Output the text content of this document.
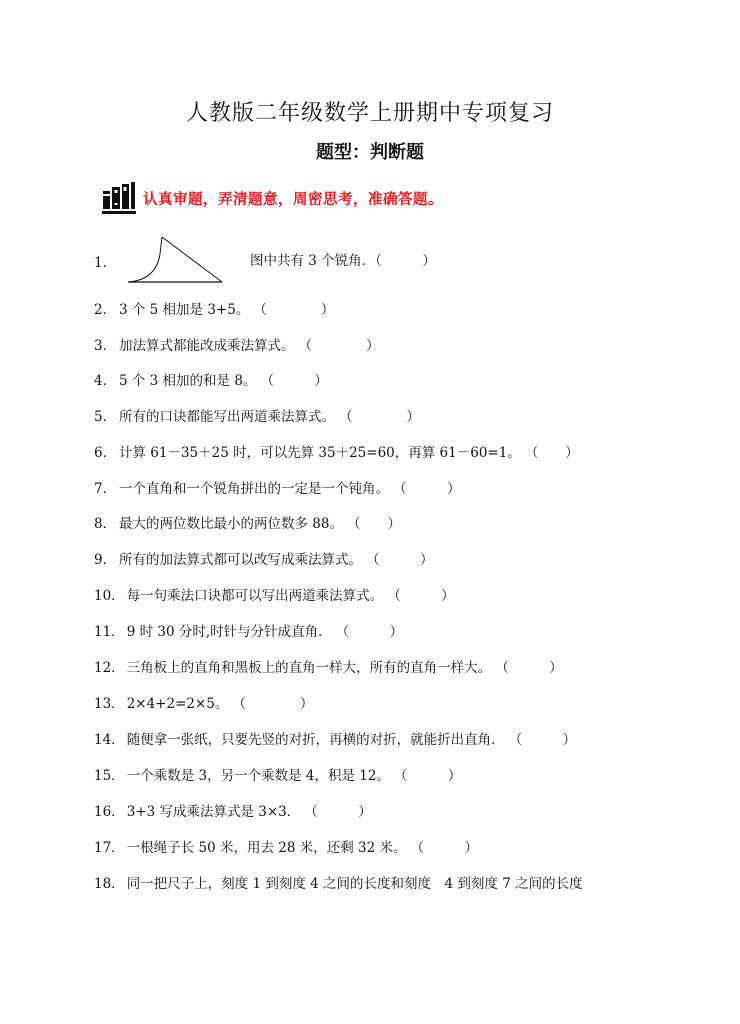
人教版二年级数学上册期中专项复习
题型：判断题
认真审题，弄清题意，周密思考，准确答题。
1．	图中共有 3 个锐角．（　　　）
2． 3 个 5 相加是 3+5。 （　　　　）
3． 加法算式都能改成乘法算式。 （　　　　）
4． 5 个 3 相加的和是 8。 （　　　）
5． 所有的口诀都能写出两道乘法算式。 （　　　　）
6． 计算 61－35＋25 时，可以先算 35＋25=60，再算 61－60=1。 （　　）
7． 一个直角和一个锐角拼出的一定是一个钝角。 （　　　）
8． 最大的两位数比最小的两位数多 88。 （　　）
9． 所有的加法算式都可以改写成乘法算式。 （　　　）
10． 每一句乘法口诀都可以写出两道乘法算式。 （　　　）
11． 9 时 30 分时,时针与分针成直角． （　　　）
12． 三角板上的直角和黑板上的直角一样大，所有的直角一样大。 （　　　）
13． 2×4+2=2×5。 （　　　　）
14． 随便拿一张纸，只要先竖的对折，再横的对折，就能折出直角． （　　　）
15． 一个乘数是 3，另一个乘数是 4，积是 12。 （　　　）
16． 3+3 写成乘法算式是 3×3． （　　　）
17． 一根绳子长 50 米，用去 28 米，还剩 32 米。 （　　　）
18． 同一把尺子上，刻度 1 到刻度 4 之间的长度和刻度　4 到刻度 7 之间的长度
